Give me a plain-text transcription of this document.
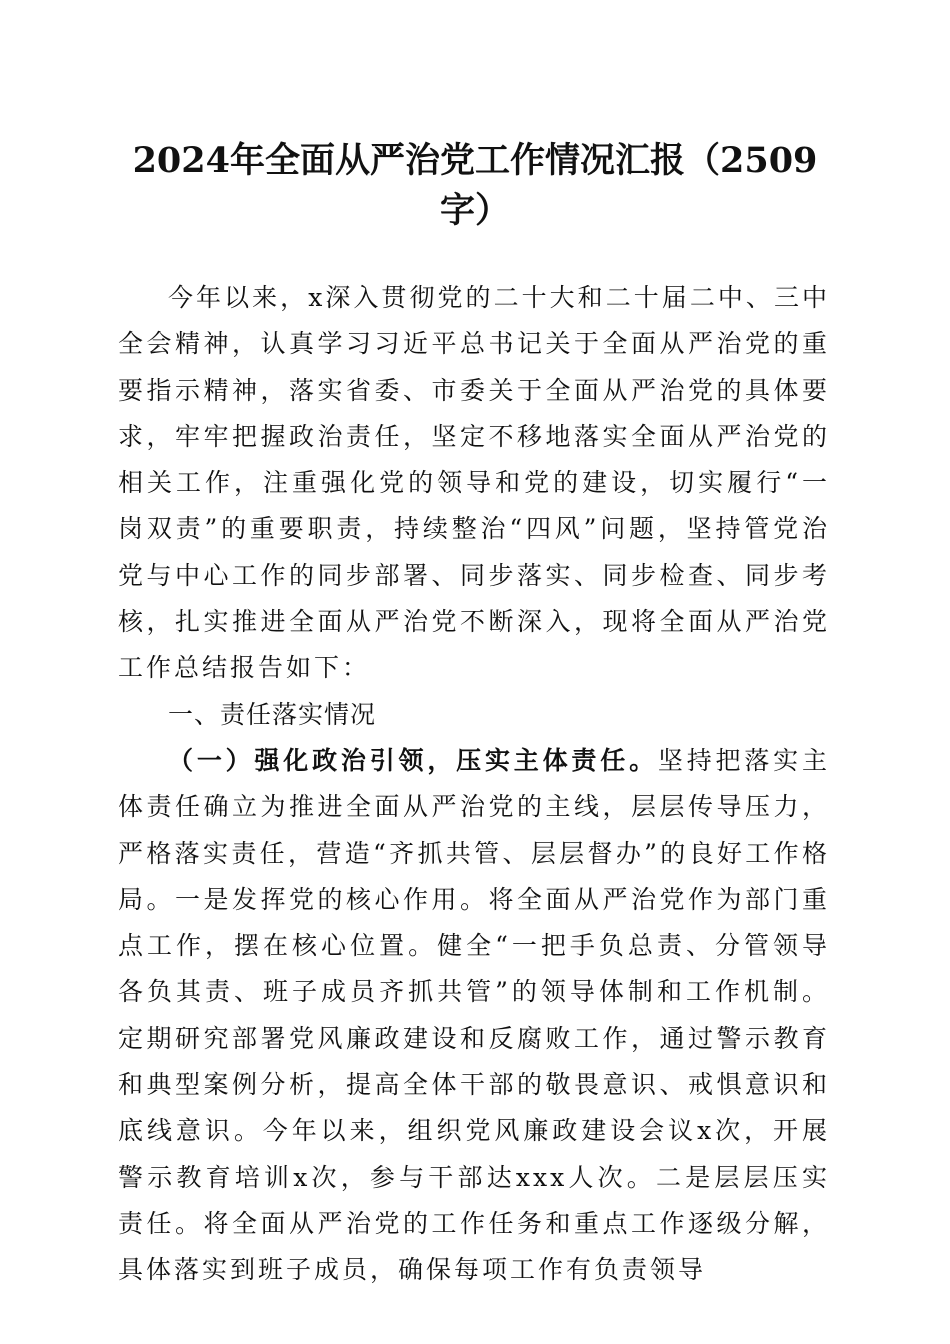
2024年全面从严治党工作情况汇报（2509字）

今年以来，x深入贯彻党的二十大和二十届二中、三中全会精神，认真学习习近平总书记关于全面从严治党的重要指示精神，落实省委、市委关于全面从严治党的具体要求，牢牢把握政治责任，坚定不移地落实全面从严治党的相关工作，注重强化党的领导和党的建设，切实履行“一岗双责”的重要职责，持续整治“四风”问题，坚持管党治党与中心工作的同步部署、同步落实、同步检查、同步考核，扎实推进全面从严治党不断深入，现将全面从严治党工作总结报告如下：

一、责任落实情况

（一）强化政治引领，压实主体责任。坚持把落实主体责任确立为推进全面从严治党的主线，层层传导压力，严格落实责任，营造“齐抓共管、层层督办”的良好工作格局。一是发挥党的核心作用。将全面从严治党作为部门重点工作，摆在核心位置。健全“一把手负总责、分管领导各负其责、班子成员齐抓共管”的领导体制和工作机制。定期研究部署党风廉政建设和反腐败工作，通过警示教育和典型案例分析，提高全体干部的敬畏意识、戒惧意识和底线意识。今年以来，组织党风廉政建设会议x次，开展警示教育培训x次，参与干部达xxx人次。二是层层压实责任。将全面从严治党的工作任务和重点工作逐级分解，具体落实到班子成员，确保每项工作有负责领导
